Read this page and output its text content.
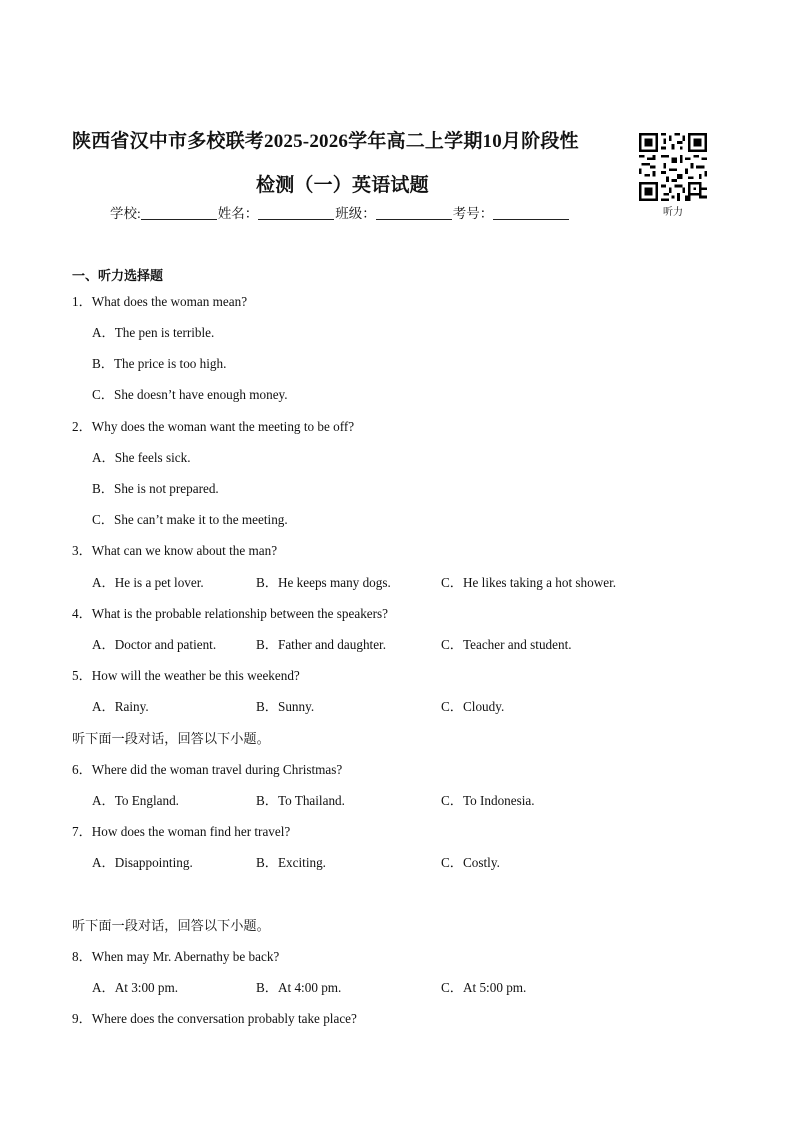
陕西省汉中市多校联考2025-2026学年高二上学期10月阶段性
检测（一）英语试题
学校:	姓名：	班级：	考号：	听力
一、听力选择题
1．What does the woman mean?
A．The pen is terrible.
B．The price is too high.
C．She doesn’t have enough money.
2．Why does the woman want the meeting to be off?
A．She feels sick.
B．She is not prepared.
C．She can’t make it to the meeting.
3．What can we know about the man?
A．He is a pet lover.	B．He keeps many dogs.	C．He likes taking a hot shower.
4．What is the probable relationship between the speakers?
A．Doctor and patient.	B．Father and daughter.	C．Teacher and student.
5．How will the weather be this weekend?
A．Rainy.	B．Sunny.	C．Cloudy.
听下面一段对话，回答以下小题。
6．Where did the woman travel during Christmas?
A．To England.	B．To Thailand.	C．To Indonesia.
7．How does the woman find her travel?
A．Disappointing.	B．Exciting.	C．Costly.
听下面一段对话，回答以下小题。
8．When may Mr. Abernathy be back?
A．At 3:00 pm.	B．At 4:00 pm.	C．At 5:00 pm.
9．Where does the conversation probably take place?
